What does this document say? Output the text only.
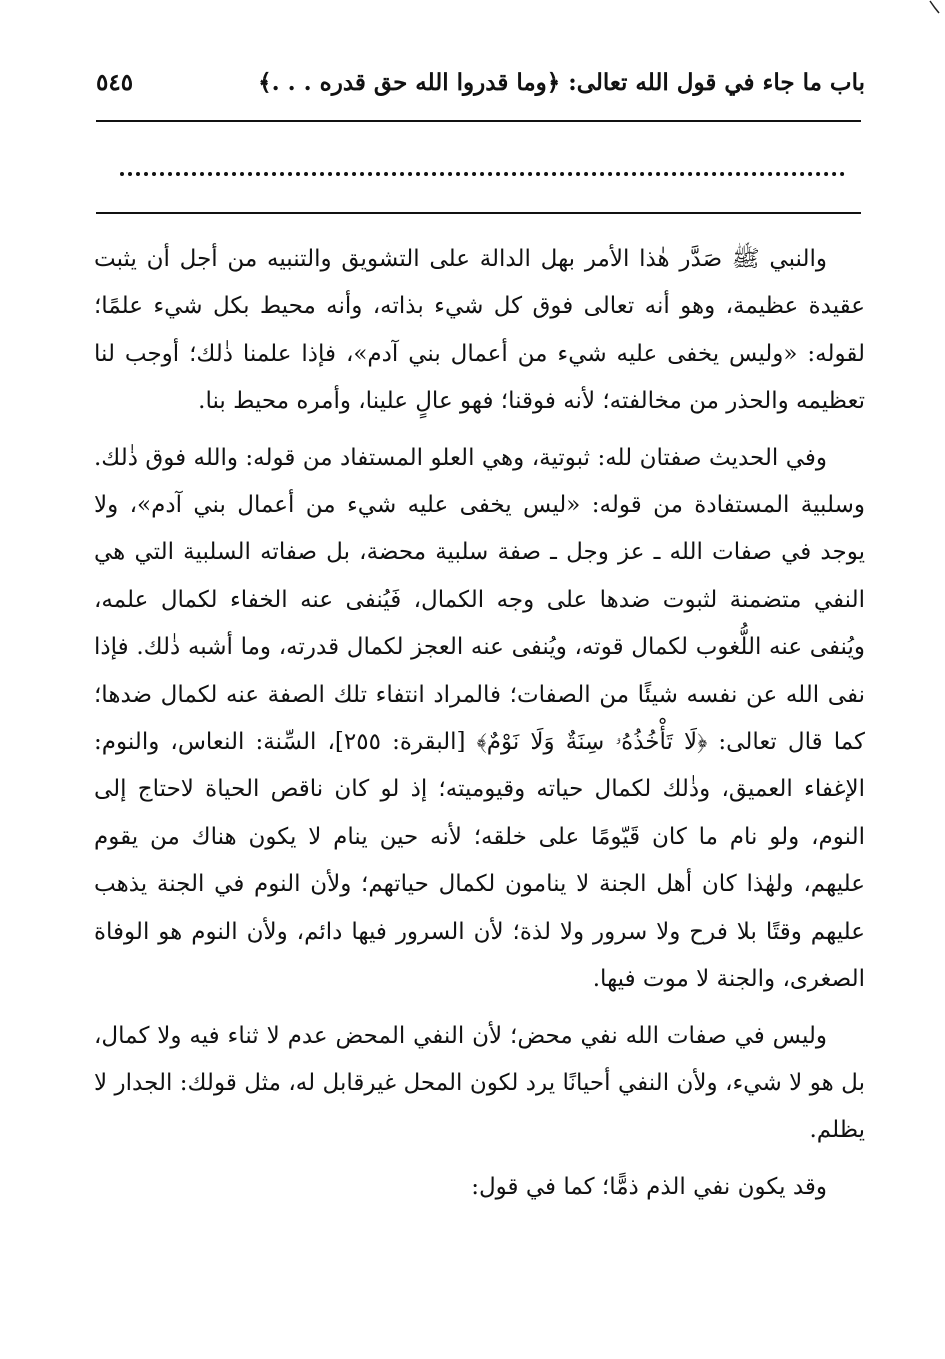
باب ما جاء في قول الله تعالى: ﴿وما قدروا الله حق قدره . . .﴾
٥٤٥

والنبي ﷺ صَدَّر هٰذا الأمر بهل الدالة على التشويق والتنبيه من أجل أن يثبت عقيدة عظيمة، وهو أنه تعالى فوق كل شيء بذاته، وأنه محيط بكل شيء علمًا؛ لقوله: «وليس يخفى عليه شيء من أعمال بني آدم»، فإذا علمنا ذٰلك؛ أوجب لنا تعظيمه والحذر من مخالفته؛ لأنه فوقنا؛ فهو عالٍ علينا، وأمره محيط بنا.

وفي الحديث صفتان لله: ثبوتية، وهي العلو المستفاد من قوله: والله فوق ذٰلك. وسلبية المستفادة من قوله: «ليس يخفى عليه شيء من أعمال بني آدم»، ولا يوجد في صفات الله ـ عز وجل ـ صفة سلبية محضة، بل صفاته السلبية التي هي النفي متضمنة لثبوت ضدها على وجه الكمال، فَيُنفى عنه الخفاء لكمال علمه، ويُنفى عنه اللُّغوب لكمال قوته، ويُنفى عنه العجز لكمال قدرته، وما أشبه ذٰلك. فإذا نفى الله عن نفسه شيئًا من الصفات؛ فالمراد انتفاء تلك الصفة عنه لكمال ضدها؛ كما قال تعالى: ﴿لَا تَأْخُذُهُۥ سِنَةٌ وَلَا نَوْمٌ﴾ [البقرة: ٢٥٥]، السِّنة: النعاس، والنوم: الإغفاء العميق، وذٰلك لكمال حياته وقيوميته؛ إذ لو كان ناقص الحياة لاحتاج إلى النوم، ولو نام ما كان قَيّومًا على خلقه؛ لأنه حين ينام لا يكون هناك من يقوم عليهم، ولهٰذا كان أهل الجنة لا ينامون لكمال حياتهم؛ ولأن النوم في الجنة يذهب عليهم وقتًا بلا فرح ولا سرور ولا لذة؛ لأن السرور فيها دائم، ولأن النوم هو الوفاة الصغرى، والجنة لا موت فيها.

وليس في صفات الله نفي محض؛ لأن النفي المحض عدم لا ثناء فيه ولا كمال، بل هو لا شيء، ولأن النفي أحيانًا يرد لكون المحل غيرقابل له، مثل قولك: الجدار لا يظلم.

وقد يكون نفي الذم ذمًّا؛ كما في قول:
